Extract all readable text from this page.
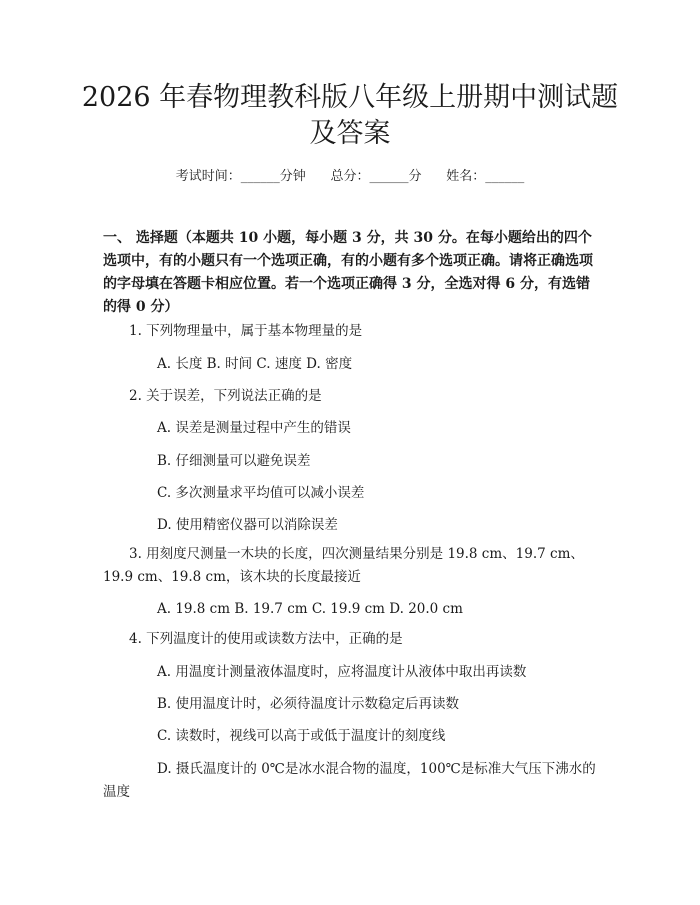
2026 年春物理教科版八年级上册期中测试题
及答案
考试时间：______分钟      总分：______分      姓名：______
一、 选择题（本题共 10 小题，每小题 3 分，共 30 分。在每小题给出的四个选项中，有的小题只有一个选项正确，有的小题有多个选项正确。请将正确选项的字母填在答题卡相应位置。若一个选项正确得 3 分，全选对得 6 分，有选错的得 0 分）
1. 下列物理量中，属于基本物理量的是
A. 长度 B. 时间 C. 速度 D. 密度
2. 关于误差，下列说法正确的是
A. 误差是测量过程中产生的错误
B. 仔细测量可以避免误差
C. 多次测量求平均值可以减小误差
D. 使用精密仪器可以消除误差
3. 用刻度尺测量一木块的长度，四次测量结果分别是 19.8 cm、19.7 cm、
19.9 cm、19.8 cm，该木块的长度最接近
A. 19.8 cm B. 19.7 cm C. 19.9 cm D. 20.0 cm
4. 下列温度计的使用或读数方法中，正确的是
A. 用温度计测量液体温度时，应将温度计从液体中取出再读数
B. 使用温度计时，必须待温度计示数稳定后再读数
C. 读数时，视线可以高于或低于温度计的刻度线
D. 摄氏温度计的 0℃是冰水混合物的温度，100℃是标准大气压下沸水的
温度
